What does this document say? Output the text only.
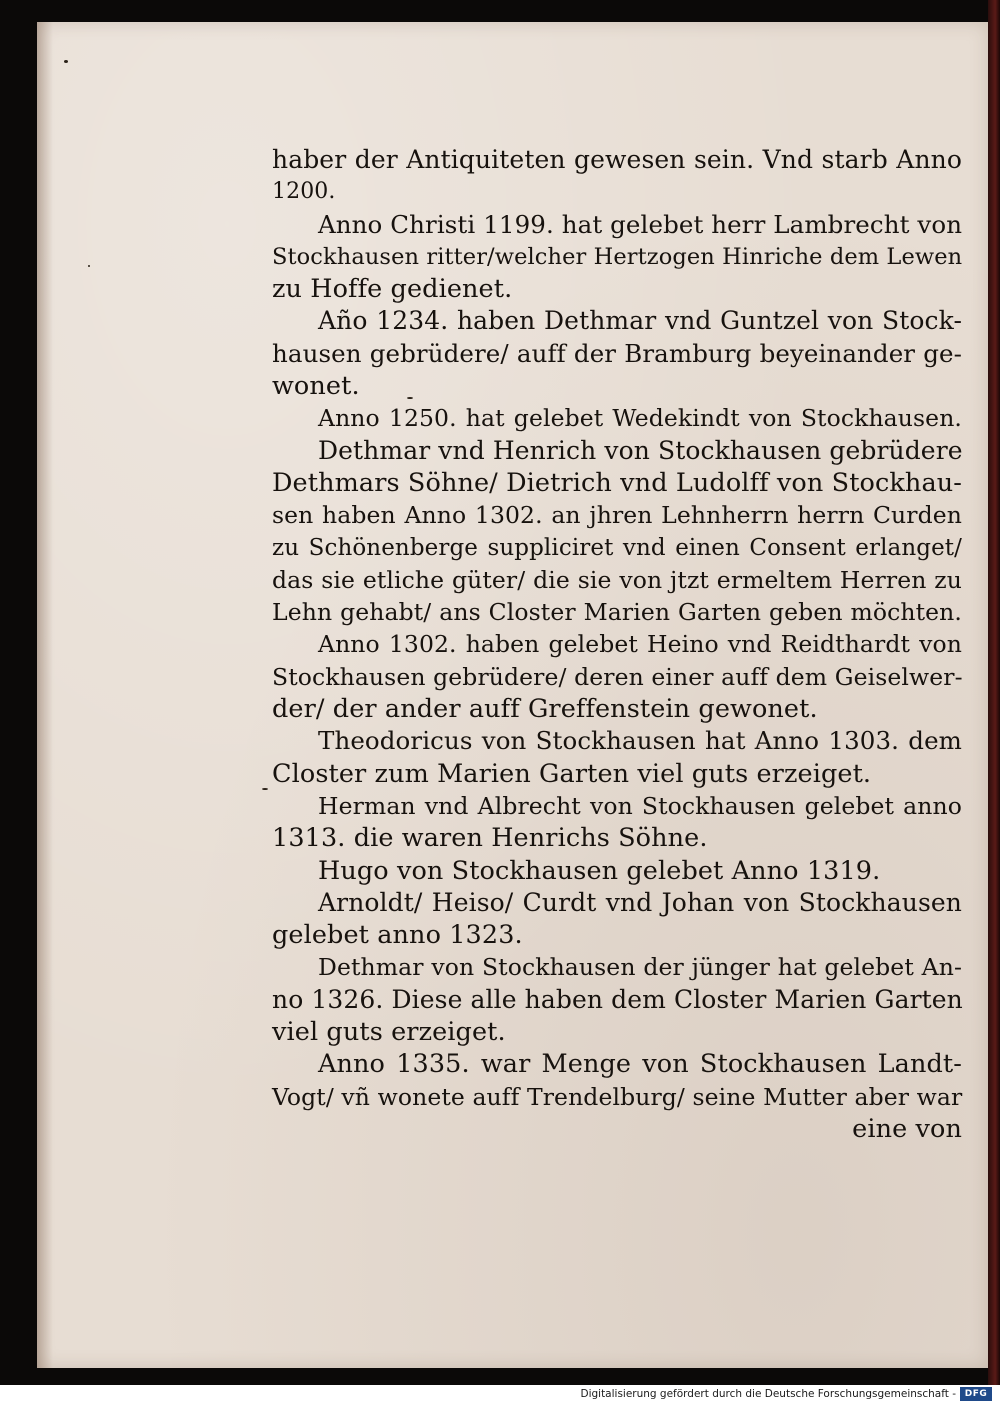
haber der Antiquiteten gewesen sein. Vnd starb Anno
1200.
Anno Christi 1199. hat gelebet herr Lambrecht von
Stockhausen ritter/welcher Hertzogen Hinriche dem Lewen
zu Hoffe gedienet.
Año 1234. haben Dethmar vnd Guntzel von Stock-
hausen gebrüdere/ auff der Bramburg beyeinander ge-
wonet.
Anno 1250. hat gelebet Wedekindt von Stockhausen.
Dethmar vnd Henrich von Stockhausen gebrüdere
Dethmars Söhne/ Dietrich vnd Ludolff von Stockhau-
sen haben Anno 1302. an jhren Lehnherrn herrn Curden
zu Schönenberge suppliciret vnd einen Consent erlanget/
das sie etliche güter/ die sie von jtzt ermeltem Herren zu
Lehn gehabt/ ans Closter Marien Garten geben möchten.
Anno 1302. haben gelebet Heino vnd Reidthardt von
Stockhausen gebrüdere/ deren einer auff dem Geiselwer-
der/ der ander auff Greffenstein gewonet.
Theodoricus von Stockhausen hat Anno 1303. dem
Closter zum Marien Garten viel guts erzeiget.
Herman vnd Albrecht von Stockhausen gelebet anno
1313. die waren Henrichs Söhne.
Hugo von Stockhausen gelebet Anno 1319.
Arnoldt/ Heiso/ Curdt vnd Johan von Stockhausen
gelebet anno 1323.
Dethmar von Stockhausen der jünger hat gelebet An-
no 1326. Diese alle haben dem Closter Marien Garten
viel guts erzeiget.
Anno 1335. war Menge von Stockhausen Landt-
Vogt/ vñ wonete auff Trendelburg/ seine Mutter aber war
eine von
Digitalisierung gefördert durch die Deutsche Forschungsgemeinschaft - DFG
